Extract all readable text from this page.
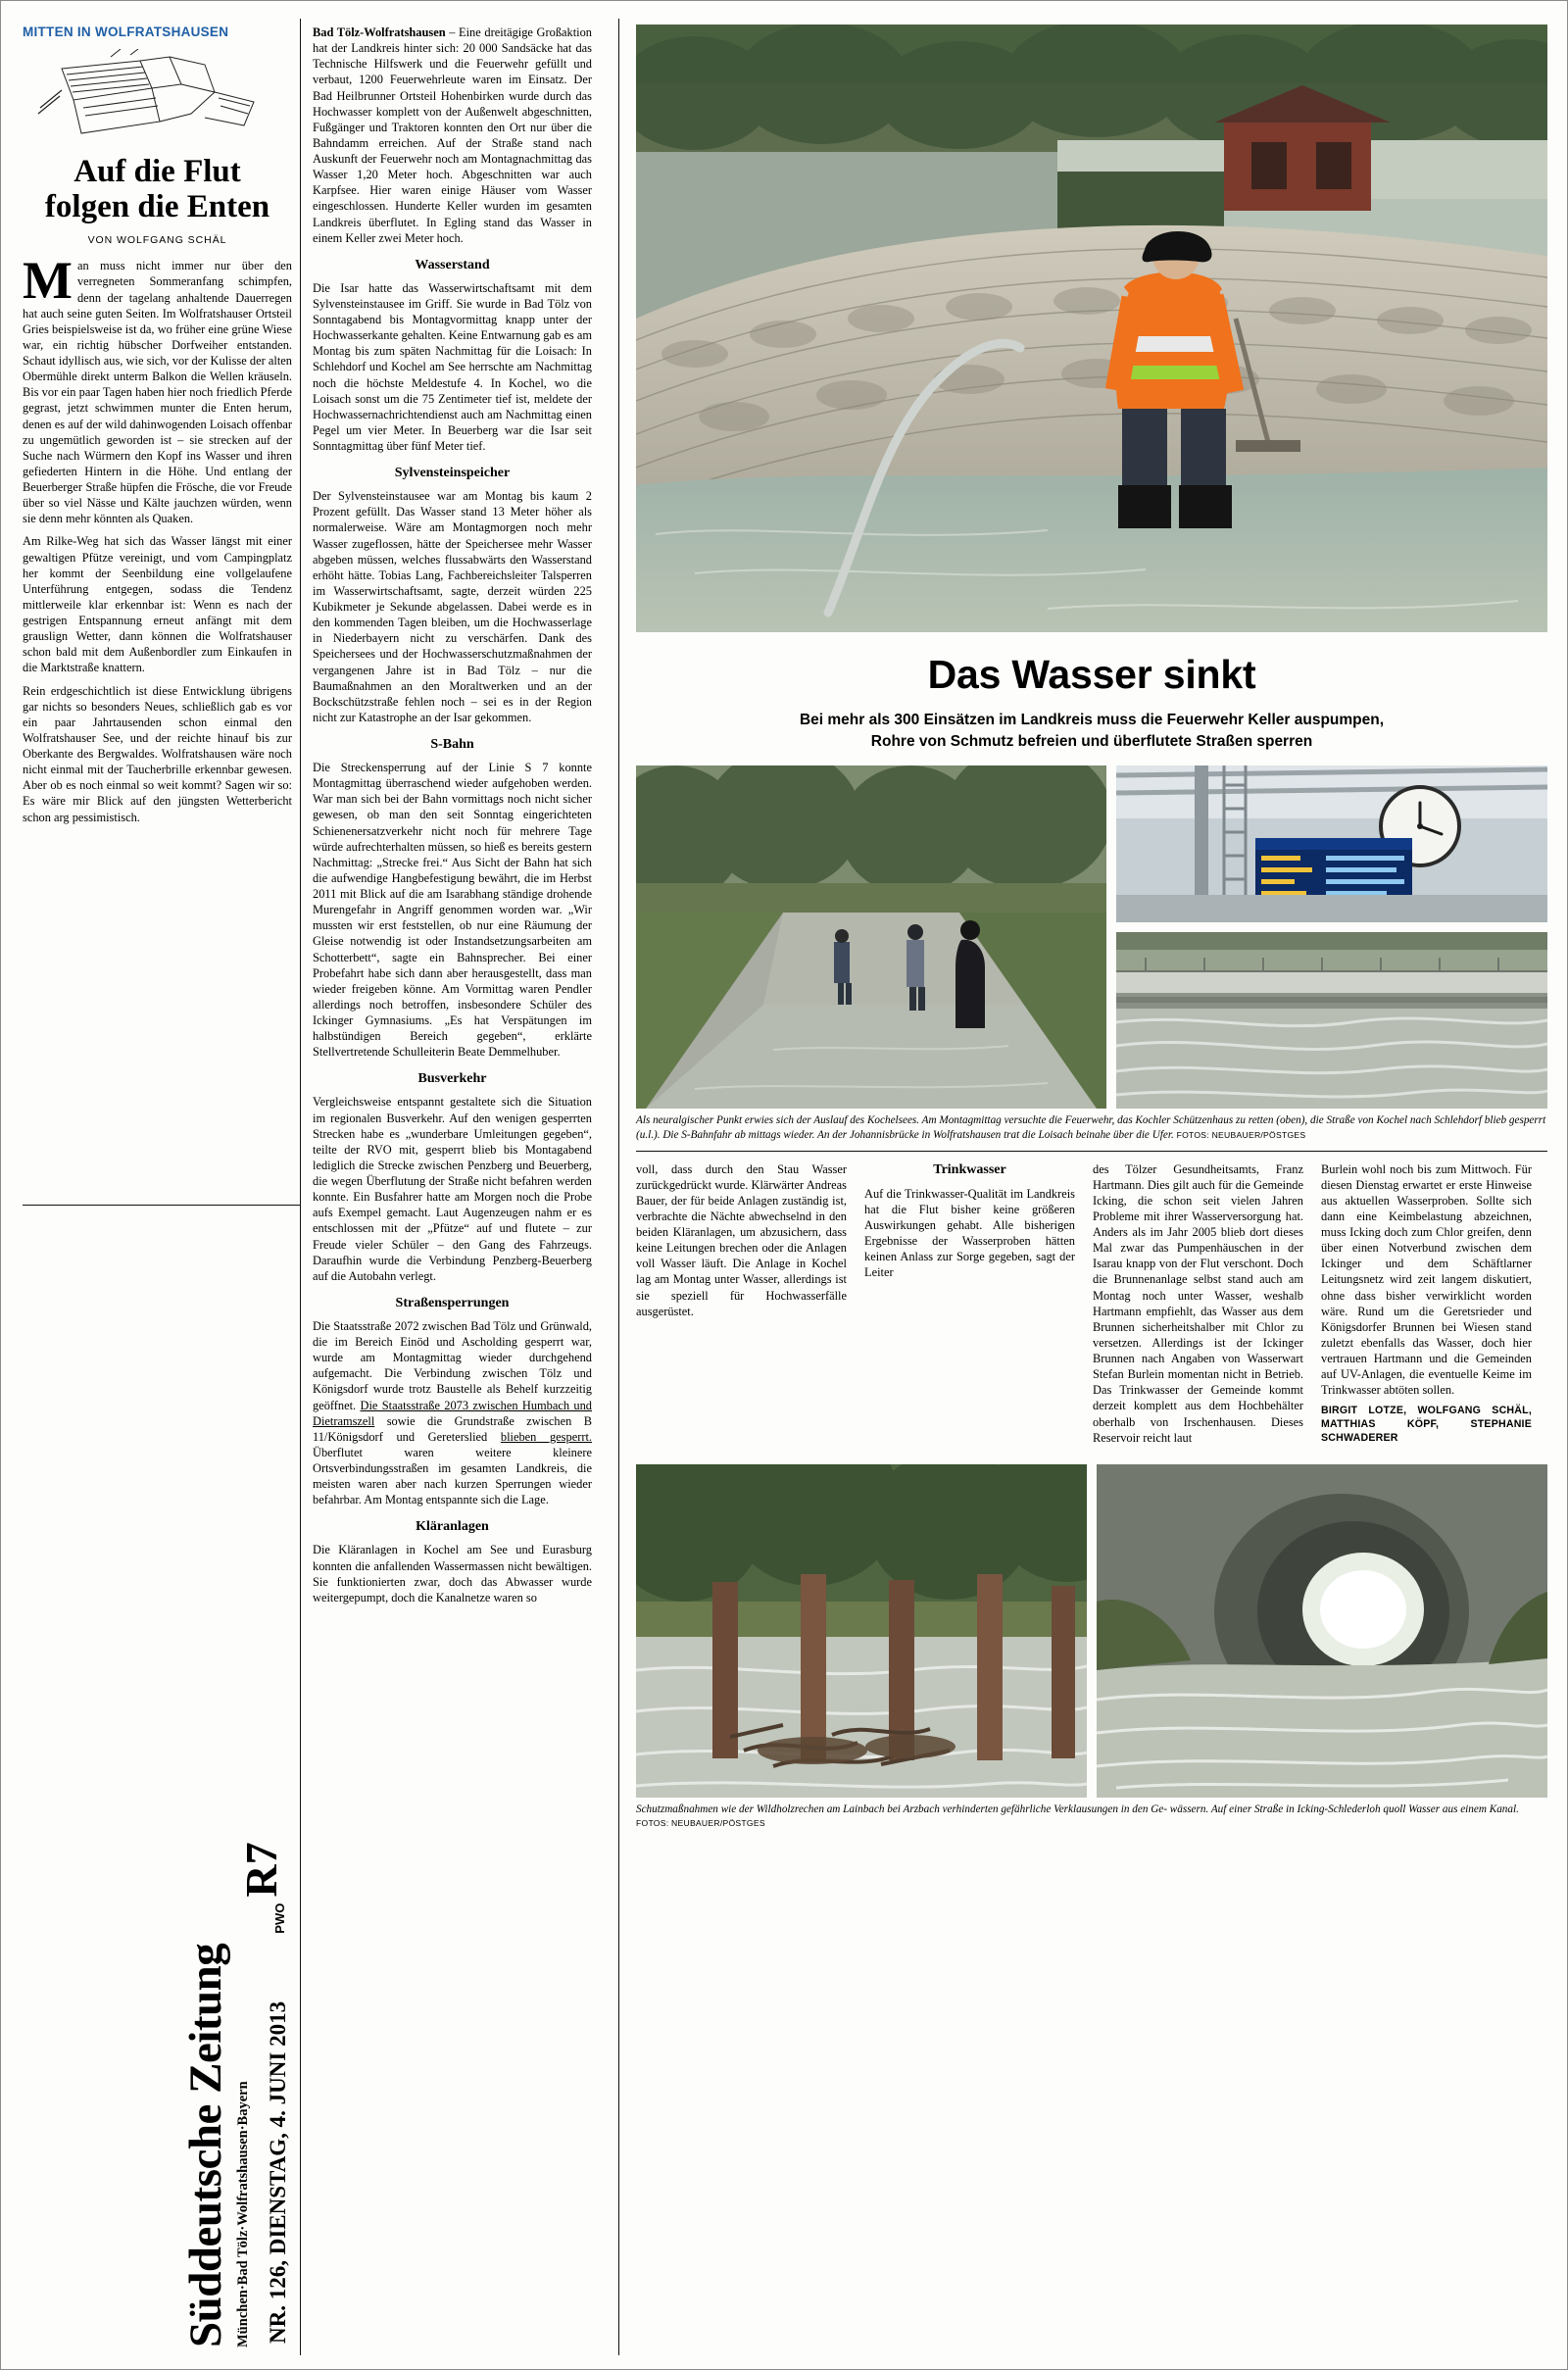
MITTEN IN WOLFRATSHAUSEN
Auf die Flut
folgen die Enten
VON WOLFGANG SCHÄL

Man muss nicht immer nur über den verregneten Sommeranfang schimpfen, denn der tagelang anhaltende Dauerregen hat auch seine guten Seiten. Im Wolfratshauser Ortsteil Gries beispielsweise ist da, wo früher eine grüne Wiese war, ein richtig hübscher Dorfweiher entstanden. Schaut idyllisch aus, wie sich, vor der Kulisse der alten Obermühle direkt unterm Balkon die Wellen kräuseln. Bis vor ein paar Tagen haben hier noch friedlich Pferde gegrast, jetzt schwimmen munter die Enten herum, denen es auf der wild dahinwogenden Loisach offenbar zu ungemütlich geworden ist – sie strecken auf der Suche nach Würmern den Kopf ins Wasser und ihren gefiederten Hintern in die Höhe. Und entlang der Beuerberger Straße hüpfen die Frösche, die vor Freude über so viel Nässe und Kälte jauchzen würden, wenn sie denn mehr könnten als Quaken.

Am Rilke-Weg hat sich das Wasser längst mit einer gewaltigen Pfütze vereinigt, und vom Campingplatz her kommt der Seenbildung eine vollgelaufene Unterführung entgegen, sodass die Tendenz mittlerweile klar erkennbar ist: Wenn es nach der gestrigen Entspannung erneut anfängt mit dem grauslign Wetter, dann können die Wolfratshauser schon bald mit dem Außenbordler zum Einkaufen in die Marktstraße knattern.

Rein erdgeschichtlich ist diese Entwicklung übrigens gar nichts so besonders Neues, schließlich gab es vor ein paar Jahrtausenden schon einmal den Wolfratshauser See, und der reichte hinauf bis zur Oberkante des Bergwaldes. Wolfratshausen wäre noch nicht einmal mit der Taucherbrille erkennbar gewesen. Aber ob es noch einmal so weit kommt? Sagen wir so: Es wäre mir Blick auf den jüngsten Wetterbericht schon arg pessimistisch.

Süddeutsche Zeitung München·Bad Tölz·Wolfratshausen·Bayern NR. 126, DIENSTAG, 4. JUNI 2013
PWO
R7

Bad Tölz-Wolfratshausen – Eine dreitägige Großaktion hat der Landkreis hinter sich: 20 000 Sandsäcke hat das Technische Hilfswerk und die Feuerwehr gefüllt und verbaut, 1200 Feuerwehrleute waren im Einsatz. Der Bad Heilbrunner Ortsteil Hohenbirken wurde durch das Hochwasser komplett von der Außenwelt abgeschnitten, Fußgänger und Traktoren konnten den Ort nur über die Bahndamm erreichen. Auf der Straße stand nach Auskunft der Feuerwehr noch am Montagnachmittag das Wasser 1,20 Meter hoch. Abgeschnitten war auch Karpfsee. Hier waren einige Häuser vom Wasser eingeschlossen. Hunderte Keller wurden im gesamten Landkreis überflutet. In Egling stand das Wasser in einem Keller zwei Meter hoch.

Wasserstand

Die Isar hatte das Wasserwirtschaftsamt mit dem Sylvensteinstausee im Griff. Sie wurde in Bad Tölz von Sonntagabend bis Montagvormittag knapp unter der Hochwasserkante gehalten. Keine Entwarnung gab es am Montag bis zum späten Nachmittag für die Loisach: In Schlehdorf und Kochel am See herrschte am Nachmittag noch die höchste Meldestufe 4. In Kochel, wo die Loisach sonst um die 75 Zentimeter tief ist, meldete der Hochwassernachrichtendienst auch am Nachmittag einen Pegel um vier Meter. In Beuerberg war die Isar seit Sonntagmittag über fünf Meter tief.

Sylvensteinspeicher

Der Sylvensteinstausee war am Montag bis kaum 2 Prozent gefüllt. Das Wasser stand 13 Meter höher als normalerweise. Wäre am Montagmorgen noch mehr Wasser zugeflossen, hätte der Speichersee mehr Wasser abgeben müssen, welches flussabwärts den Wasserstand erhöht hätte. Tobias Lang, Fachbereichsleiter Talsperren im Wasserwirtschaftsamt, sagte, derzeit würden 225 Kubikmeter je Sekunde abgelassen. Dabei werde es in den kommenden Tagen bleiben, um die Hochwasserlage in Niederbayern nicht zu verschärfen. Dank des Speichersees und der Hochwasserschutzmaßnahmen der vergangenen Jahre ist in Bad Tölz – nur die Baumaßnahmen an den Moraltwerken und an der Bockschützstraße fehlen noch – sei es in der Region nicht zur Katastrophe an der Isar gekommen.

S-Bahn

Die Streckensperrung auf der Linie S 7 konnte Montagmittag überraschend wieder aufgehoben werden. War man sich bei der Bahn vormittags noch nicht sicher gewesen, ob man den seit Sonntag eingerichteten Schienenersatzverkehr nicht noch für mehrere Tage würde aufrechterhalten müssen, so hieß es bereits gestern Nachmittag: „Strecke frei.“ Aus Sicht der Bahn hat sich die aufwendige Hangbefestigung bewährt, die im Herbst 2011 mit Blick auf die am Isarabhang ständige drohende Murengefahr in Angriff genommen worden war. „Wir mussten wir erst feststellen, ob nur eine Räumung der Gleise notwendig ist oder Instandsetzungsarbeiten am Schotterbett“, sagte ein Bahnsprecher. Bei einer Probefahrt habe sich dann aber herausgestellt, dass man wieder freigeben könne. Am Vormittag waren Pendler allerdings noch betroffen, insbesondere Schüler des Ickinger Gymnasiums. „Es hat Verspätungen im halbstündigen Bereich gegeben“, erklärte Stellvertretende Schulleiterin Beate Demmelhuber.

Busverkehr

Vergleichsweise entspannt gestaltete sich die Situation im regionalen Busverkehr. Auf den wenigen gesperrten Strecken habe es „wunderbare Umleitungen gegeben“, teilte der RVO mit, gesperrt blieb bis Montagabend lediglich die Strecke zwischen Penzberg und Beuerberg, die wegen Überflutung der Straße nicht befahren werden konnte. Ein Busfahrer hatte am Morgen noch die Probe aufs Exempel gemacht. Laut Augenzeugen nahm er es entschlossen mit der „Pfütze“ auf und flutete – zur Freude vieler Schüler – den Gang des Fahrzeugs. Daraufhin wurde die Verbindung Penzberg-Beuerberg auf die Autobahn verlegt.

Straßensperrungen

Die Staatsstraße 2072 zwischen Bad Tölz und Grünwald, die im Bereich Einöd und Ascholding gesperrt war, wurde am Montagmittag wieder durchgehend aufgemacht. Die Verbindung zwischen Tölz und Königsdorf wurde trotz Baustelle als Behelf kurzzeitig geöffnet. Die Staatsstraße 2073 zwischen Humbach und Dietramszell sowie die Grundstraße zwischen B 11/Königsdorf und Gereterslied blieben gesperrt. Überflutet waren weitere kleinere Ortsverbindungsstraßen im gesamten Landkreis, die meisten waren aber nach kurzen Sperrungen wieder befahrbar. Am Montag entspannte sich die Lage.

Kläranlagen

Die Kläranlagen in Kochel am See und Eurasburg konnten die anfallenden Wassermassen nicht bewältigen. Sie funktionierten zwar, doch das Abwasser wurde weitergepumpt, doch die Kanalnetze waren so

Das Wasser sinkt
Bei mehr als 300 Einsätzen im Landkreis muss die Feuerwehr Keller auspumpen,
Rohre von Schmutz befreien und überflutete Straßen sperren
Als neuralgischer Punkt erwies sich der Auslauf des Kochelsees. Am Montagmittag versuchte die Feuerwehr, das Kochler Schützenhaus zu retten (oben), die Straße von Kochel nach Schlehdorf blieb gesperrt (u.l.). Die S-Bahnfahr ab mittags wieder. An der Johannisbrücke in Wolfratshausen trat die Loisach beinahe über die Ufer. FOTOS: NEUBAUER/PÖSTGES

voll, dass durch den Stau Wasser zurückgedrückt wurde. Klärwärter Andreas Bauer, der für beide Anlagen zuständig ist, verbrachte die Nächte abwechselnd in den beiden Kläranlagen, um abzusichern, dass keine Leitungen brechen oder die Anlagen voll Wasser läuft. Die Anlage in Kochel lag am Montag unter Wasser, allerdings ist sie speziell für Hochwasserfälle ausgerüstet.

Trinkwasser

Auf die Trinkwasser-Qualität im Landkreis hat die Flut bisher keine größeren Auswirkungen gehabt. Alle bisherigen Ergebnisse der Wasserproben hätten keinen Anlass zur Sorge gegeben, sagt der Leiter

des Tölzer Gesundheitsamts, Franz Hartmann. Dies gilt auch für die Gemeinde Icking, die schon seit vielen Jahren Probleme mit ihrer Wasserversorgung hat. Anders als im Jahr 2005 blieb dort dieses Mal zwar das Pumpenhäuschen in der Isarau knapp von der Flut verschont. Doch die Brunnenanlage selbst stand auch am Montag noch unter Wasser, weshalb Hartmann empfiehlt, das Wasser aus dem Brunnen sicherheitshalber mit Chlor zu versetzen. Allerdings ist der Ickinger Brunnen nach Angaben von Wasserwart Stefan Burlein momentan nicht in Betrieb. Das Trinkwasser der Gemeinde kommt derzeit komplett aus dem Hochbehälter oberhalb von Irschenhausen. Dieses Reservoir reicht laut

Burlein wohl noch bis zum Mittwoch. Für diesen Dienstag erwartet er erste Hinweise aus aktuellen Wasserproben. Sollte sich dann eine Keimbelastung abzeichnen, muss Icking doch zum Chlor greifen, denn über einen Notverbund zwischen dem Ickinger und dem Schäftlarner Leitungsnetz wird zeit langem diskutiert, ohne dass bisher verwirklicht worden wäre. Rund um die Geretsrieder und Königsdorfer Brunnen bei Wiesen stand zuletzt ebenfalls das Wasser, doch hier vertrauen Hartmann und die Gemeinden auf UV-Anlagen, die eventuelle Keime im Trinkwasser abtöten sollen.

BIRGIT LOTZE, WOLFGANG SCHÄL, MATTHIAS KÖPF, STEPHANIE SCHWADERER

Schutzmaßnahmen wie der Wildholzrechen am Lainbach bei Arzbach verhinderten gefährliche Verklausungen in den Ge- wässern. Auf einer Straße in Icking-Schlederloh quoll Wasser aus einem Kanal. FOTOS: NEUBAUER/PÖSTGES
